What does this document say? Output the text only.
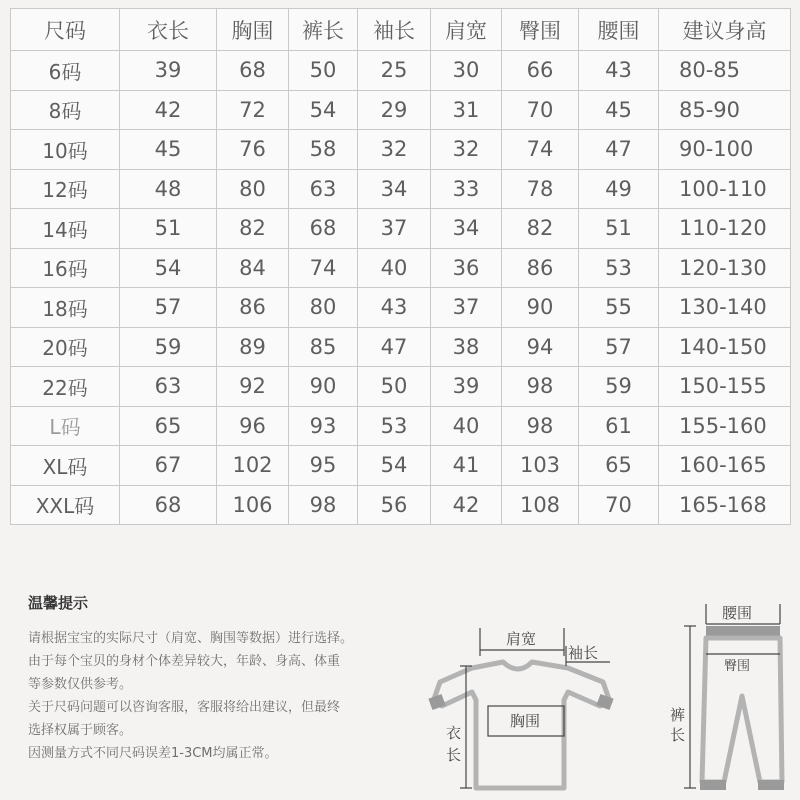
尺码	衣长	胸围	裤长	袖长	肩宽	臀围	腰围	建议身高
6码	39	68	50	25	30	66	43	80-85
8码	42	72	54	29	31	70	45	85-90
10码	45	76	58	32	32	74	47	90-100
12码	48	80	63	34	33	78	49	100-110
14码	51	82	68	37	34	82	51	110-120
16码	54	84	74	40	36	86	53	120-130
18码	57	86	80	43	37	90	55	130-140
20码	59	89	85	47	38	94	57	140-150
22码	63	92	90	50	39	98	59	150-155
L码	65	96	93	53	40	98	61	155-160
XL码	67	102	95	54	41	103	65	160-165
XXL码	68	106	98	56	42	108	70	165-168
温馨提示
请根据宝宝的实际尺寸（肩宽、胸围等数据）进行选择。
由于每个宝贝的身材个体差异较大，年龄、身高、体重
等参数仅供参考。
关于尺码问题可以咨询客服，客服将给出建议，但最终
选择权属于顾客。
因测量方式不同尺码误差1-3CM均属正常。
肩宽
袖长
胸围
衣
长
腰围
臀围
裤
长
